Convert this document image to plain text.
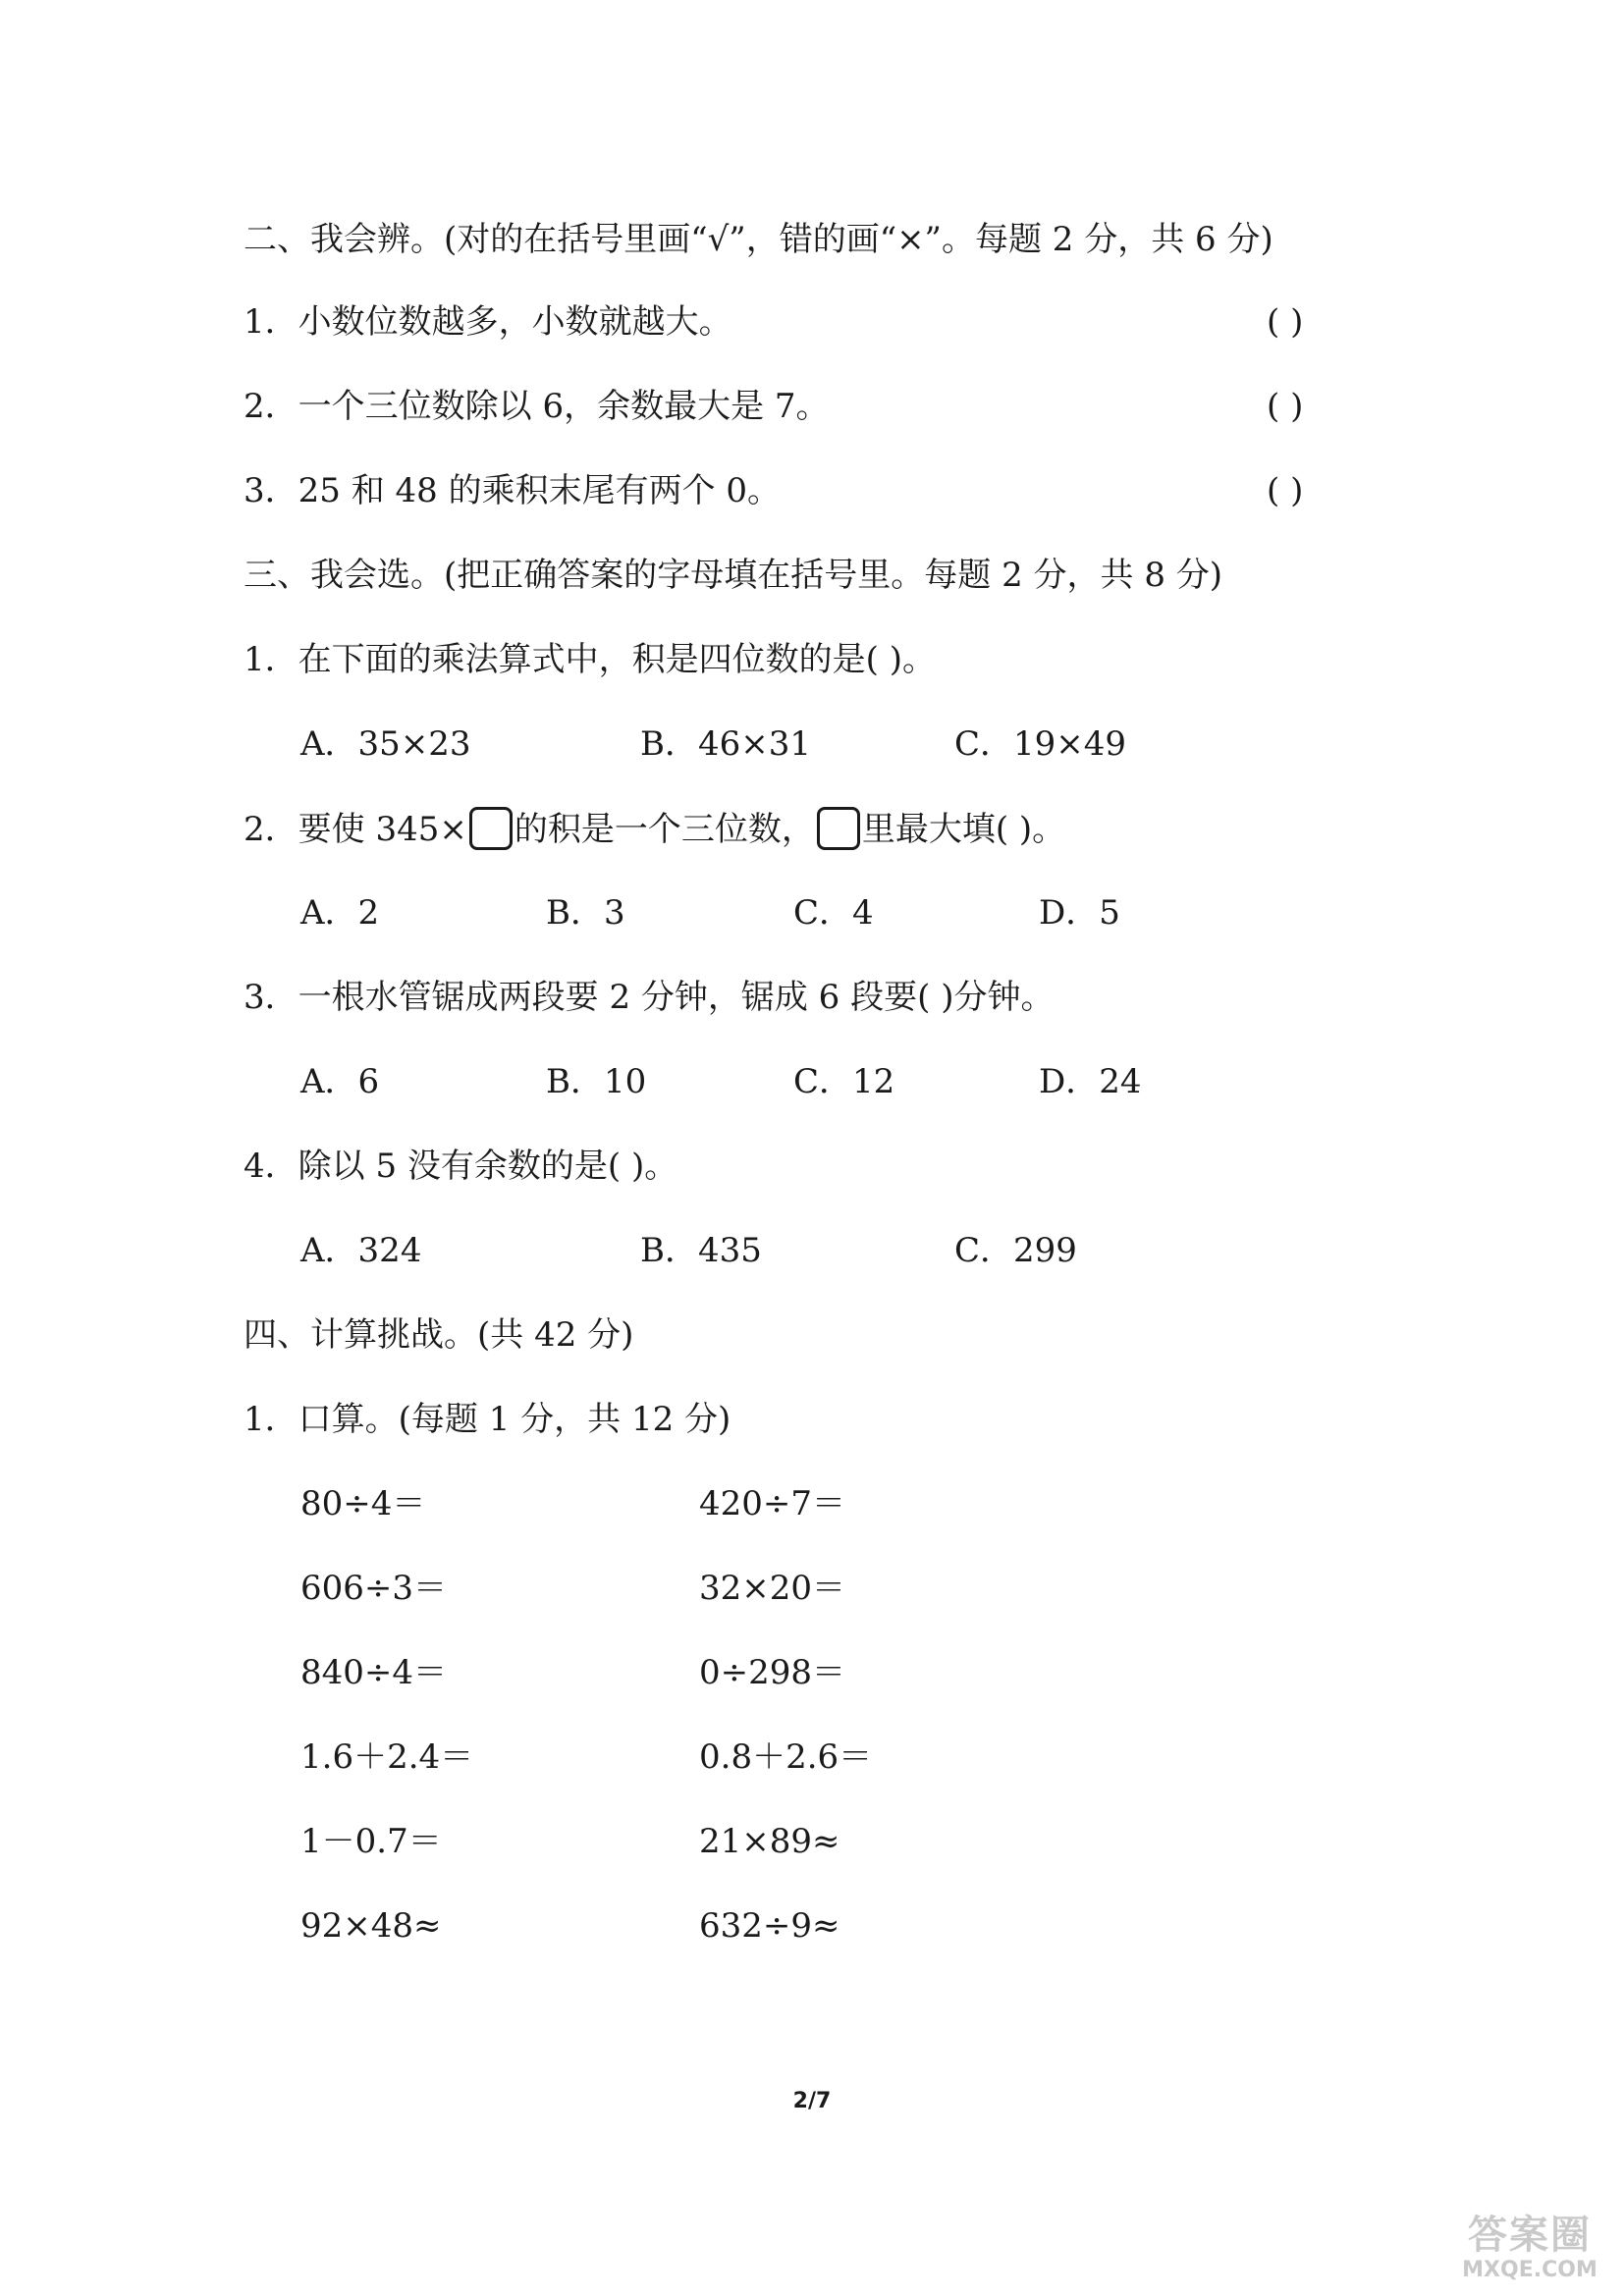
二、我会辨。(对的在括号里画“√”，错的画“×”。每题 2 分，共 6 分)
1．小数位数越多，小数就越大。	( )
2．一个三位数除以 6，余数最大是 7。	( )
3．25 和 48 的乘积末尾有两个 0。	( )
三、我会选。(把正确答案的字母填在括号里。每题 2 分，共 8 分)
1．在下面的乘法算式中，积是四位数的是( )。
A．35×23	B．46×31	C．19×49
2．要使 345× 的积是一个三位数， 里最大填( )。
A．2	B．3	C．4	D．5
3．一根水管锯成两段要 2 分钟，锯成 6 段要( )分钟。
A．6	B．10	C．12	D．24
4．除以 5 没有余数的是( )。
A．324	B．435	C．299
四、计算挑战。(共 42 分)
1．口算。(每题 1 分，共 12 分)
80÷4＝	420÷7＝
606÷3＝	32×20＝
840÷4＝	0÷298＝
1.6＋2.4＝	0.8＋2.6＝
1－0.7＝	21×89≈
92×48≈	632÷9≈
2/7
答案圈
MXQE.COM
